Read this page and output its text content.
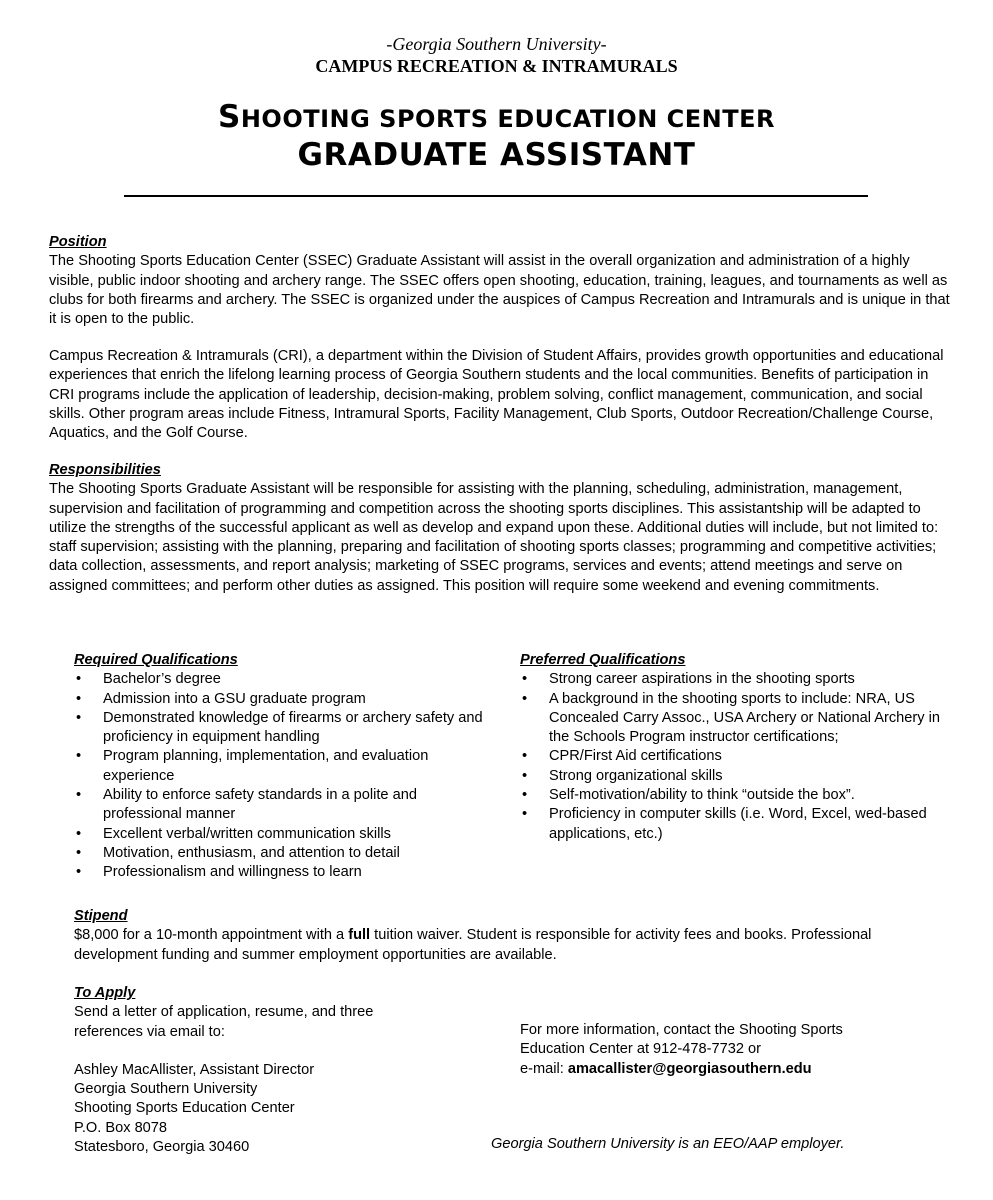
-Georgia Southern University-
CAMPUS RECREATION & INTRAMURALS
SHOOTING SPORTS EDUCATION CENTER
GRADUATE ASSISTANT
Position

The Shooting Sports Education Center (SSEC) Graduate Assistant will assist in the overall organization and administration of a highly visible, public indoor shooting and archery range. The SSEC offers open shooting, education, training, leagues, and tournaments as well as clubs for both firearms and archery. The SSEC is organized under the auspices of Campus Recreation and Intramurals and is unique in that it is open to the public.

Campus Recreation & Intramurals (CRI), a department within the Division of Student Affairs, provides growth opportunities and educational experiences that enrich the lifelong learning process of Georgia Southern students and the local communities. Benefits of participation in CRI programs include the application of leadership, decision-making, problem solving, conflict management, communication, and social skills. Other program areas include Fitness, Intramural Sports, Facility Management, Club Sports, Outdoor Recreation/Challenge Course, Aquatics, and the Golf Course.

Responsibilities

The Shooting Sports Graduate Assistant will be responsible for assisting with the planning, scheduling, administration, management, supervision and facilitation of programming and competition across the shooting sports disciplines. This assistantship will be adapted to utilize the strengths of the successful applicant as well as develop and expand upon these. Additional duties will include, but not limited to: staff supervision; assisting with the planning, preparing and facilitation of shooting sports classes; programming and competitive activities; data collection, assessments, and report analysis; marketing of SSEC programs, services and events; attend meetings and serve on assigned committees; and perform other duties as assigned. This position will require some weekend and evening commitments.

Required Qualifications
• Bachelor’s degree
• Admission into a GSU graduate program
• Demonstrated knowledge of firearms or archery safety and proficiency in equipment handling
• Program planning, implementation, and evaluation experience
• Ability to enforce safety standards in a polite and professional manner
• Excellent verbal/written communication skills
• Motivation, enthusiasm, and attention to detail
• Professionalism and willingness to learn
Preferred Qualifications
• Strong career aspirations in the shooting sports
• A background in the shooting sports to include: NRA, US Concealed Carry Assoc., USA Archery or National Archery in the Schools Program instructor certifications;
• CPR/First Aid certifications
• Strong organizational skills
• Self-motivation/ability to think “outside the box”.
• Proficiency in computer skills (i.e. Word, Excel, wed-based applications, etc.)
Stipend

$8,000 for a 10-month appointment with a full tuition waiver. Student is responsible for activity fees and books. Professional development funding and summer employment opportunities are available.

To Apply
Send a letter of application, resume, and three
references via email to:
Ashley MacAllister, Assistant Director
Georgia Southern University
Shooting Sports Education Center
P.O. Box 8078
Statesboro, Georgia 30460
For more information, contact the Shooting Sports
Education Center at 912-478-7732 or
e-mail: amacallister@georgiasouthern.edu
Georgia Southern University is an EEO/AAP employer.
